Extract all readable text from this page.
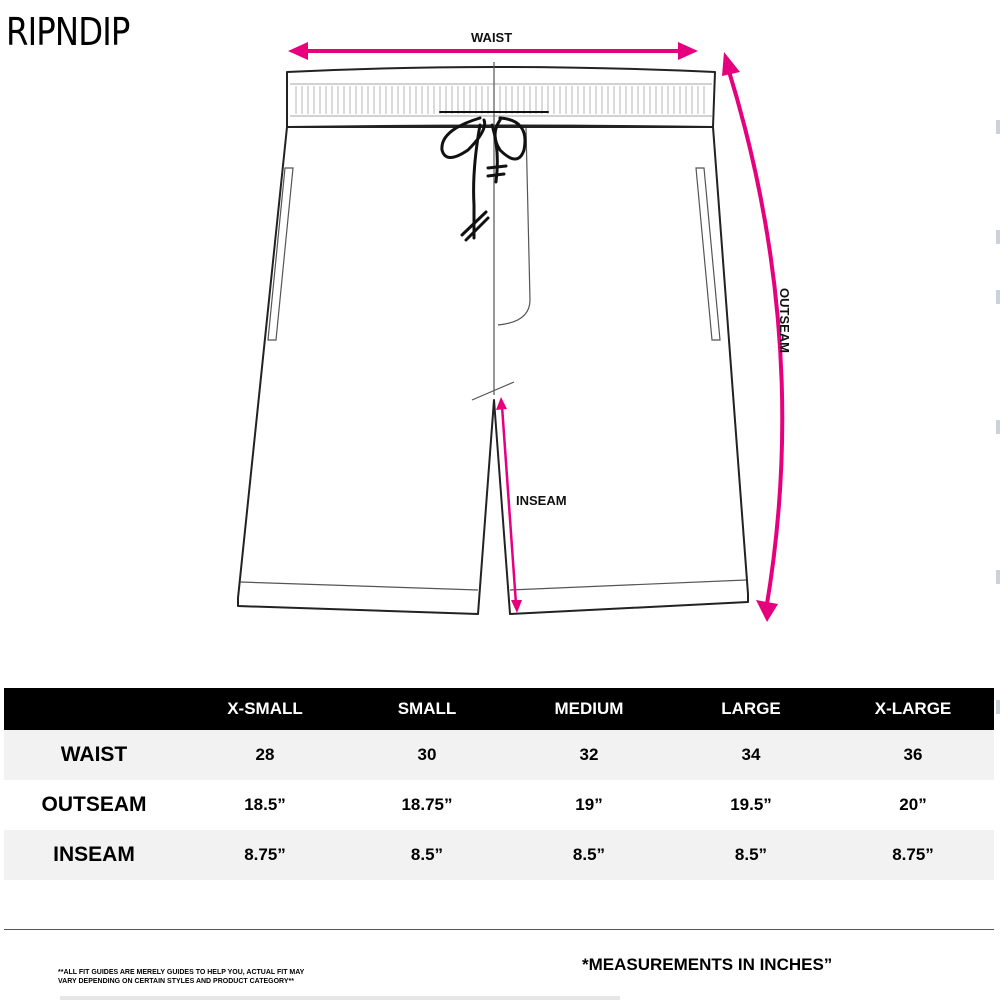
RIPNDIP	WAIST
INSEAM
OUTSEAM
	X-SMALL	SMALL	MEDIUM	LARGE	X-LARGE
WAIST	28	30	32	34	36
OUTSEAM	18.5”	18.75”	19”	19.5”	20”
INSEAM	8.75”	8.5”	8.5”	8.5”	8.75”
**ALL FIT GUIDES ARE MERELY GUIDES TO HELP YOU, ACTUAL FIT MAY
VARY DEPENDING ON CERTAIN STYLES AND PRODUCT CATEGORY**
*MEASUREMENTS IN INCHES”
